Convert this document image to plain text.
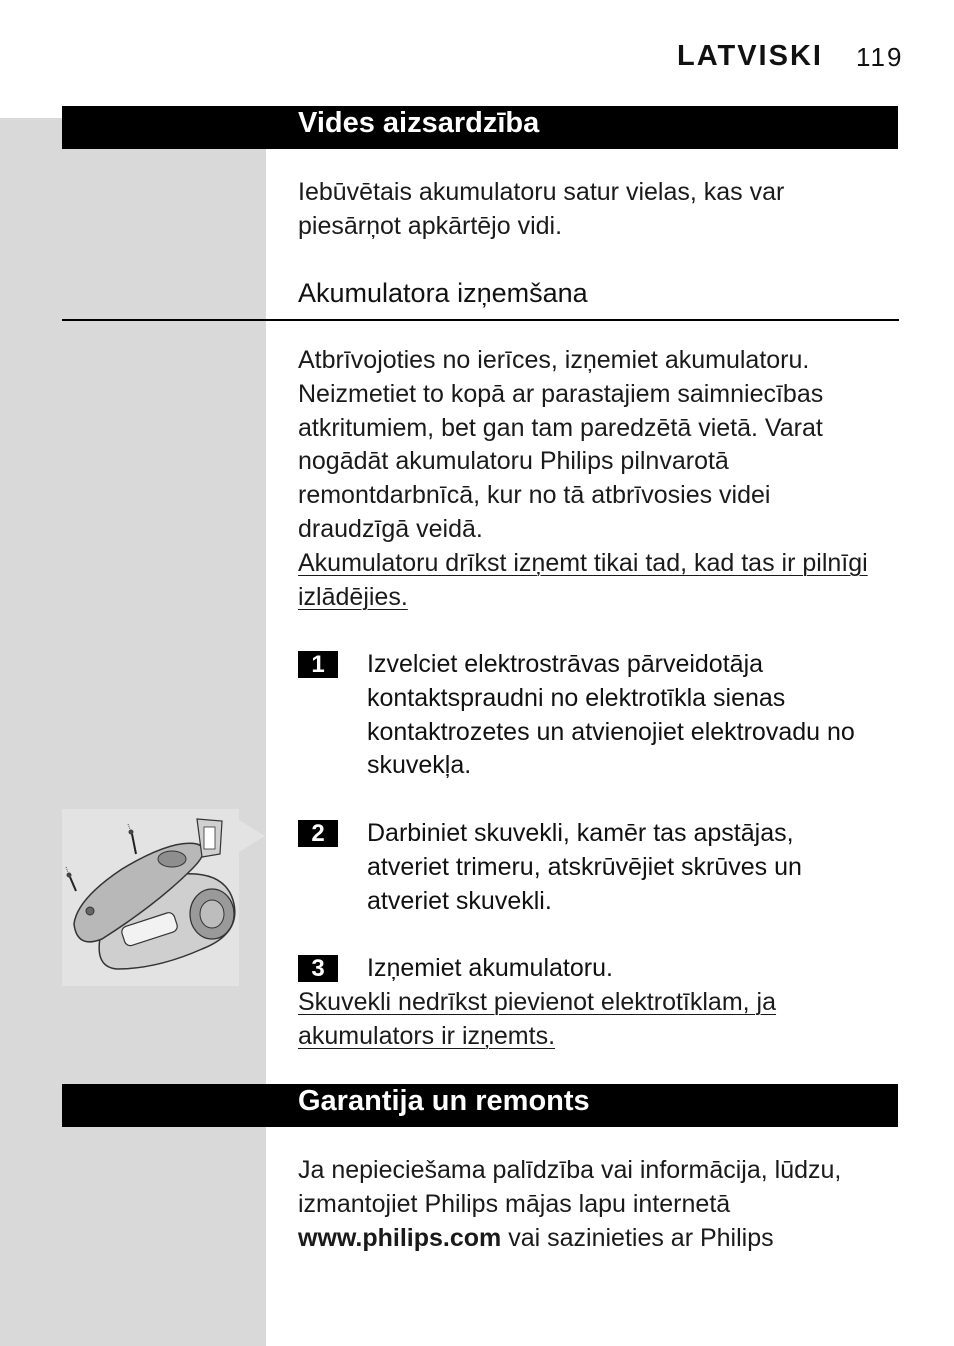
LATVISKI 119
Vides aizsardzība
Iebūvētais akumulatoru satur vielas, kas var piesārņot apkārtējo vidi.
Akumulatora izņemšana
Atbrīvojoties no ierīces, izņemiet akumulatoru. Neizmetiet to kopā ar parastajiem saimniecības atkritumiem, bet gan tam paredzētā vietā. Varat nogādāt akumulatoru Philips pilnvarotā remontdarbnīcā, kur no tā atbrīvosies videi draudzīgā veidā.
Akumulatoru drīkst izņemt tikai tad, kad tas ir pilnīgi izlādējies.
1	Izvelciet elektrostrāvas pārveidotāja kontaktspraudni no elektrotīkla sienas kontaktrozetes un atvienojiet elektrovadu no skuvekļa.
2	Darbiniet skuvekli, kamēr tas apstājas, atveriet trimeru, atskrūvējiet skrūves un atveriet skuvekli.
3	Izņemiet akumulatoru.
Skuvekli nedrīkst pievienot elektrotīklam, ja akumulators ir izņemts.
Garantija un remonts
Ja nepieciešama palīdzība vai informācija, lūdzu, izmantojiet Philips mājas lapu internetā www.philips.com vai sazinieties ar Philips
